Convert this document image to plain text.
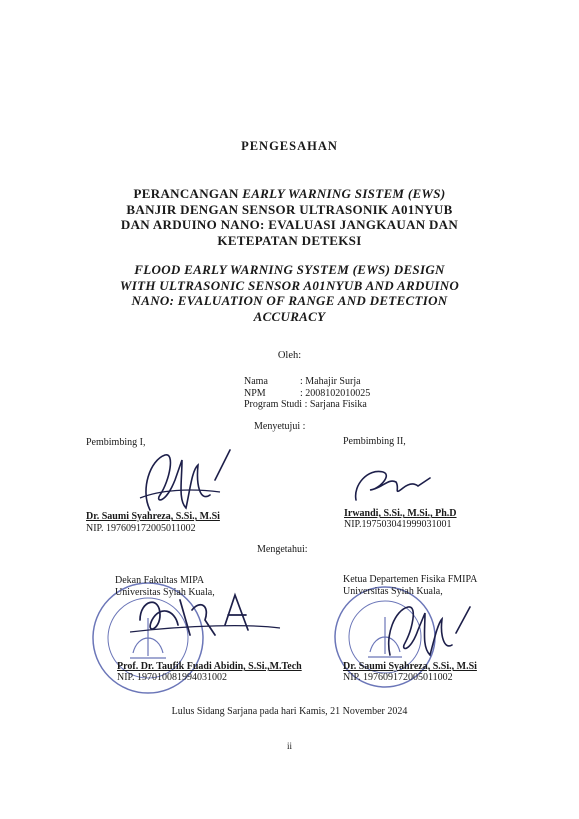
PENGESAHAN
PERANCANGAN EARLY WARNING SISTEM (EWS)
BANJIR DENGAN SENSOR ULTRASONIK A01NYUB
DAN ARDUINO NANO: EVALUASI JANGKAUAN DAN
KETEPATAN DETEKSI
FLOOD EARLY WARNING SYSTEM (EWS) DESIGN
WITH ULTRASONIC SENSOR A01NYUB AND ARDUINO
NANO: EVALUATION OF RANGE AND DETECTION
ACCURACY
Oleh:
Nama	: Mahajir Surja
NPM	: 2008102010025
Program Studi : Sarjana Fisika
Menyetujui :
Pembimbing I,
Dr. Saumi Syahreza, S.Si., M.Si
NIP. 197609172005011002
Pembimbing II,
Irwandi, S.Si., M.Si., Ph.D
NIP.197503041999031001
Mengetahui:
Dekan Fakultas MIPA
Universitas Syiah Kuala,
Prof. Dr. Taufik Fuadi Abidin, S.Si.,M.Tech
NIP. 197010081994031002
Ketua Departemen Fisika FMIPA
Universitas Syiah Kuala,
Dr. Saumi Syahreza, S.Si., M.Si
NIP. 197609172005011002
Lulus Sidang Sarjana pada hari Kamis, 21 November 2024
ii
